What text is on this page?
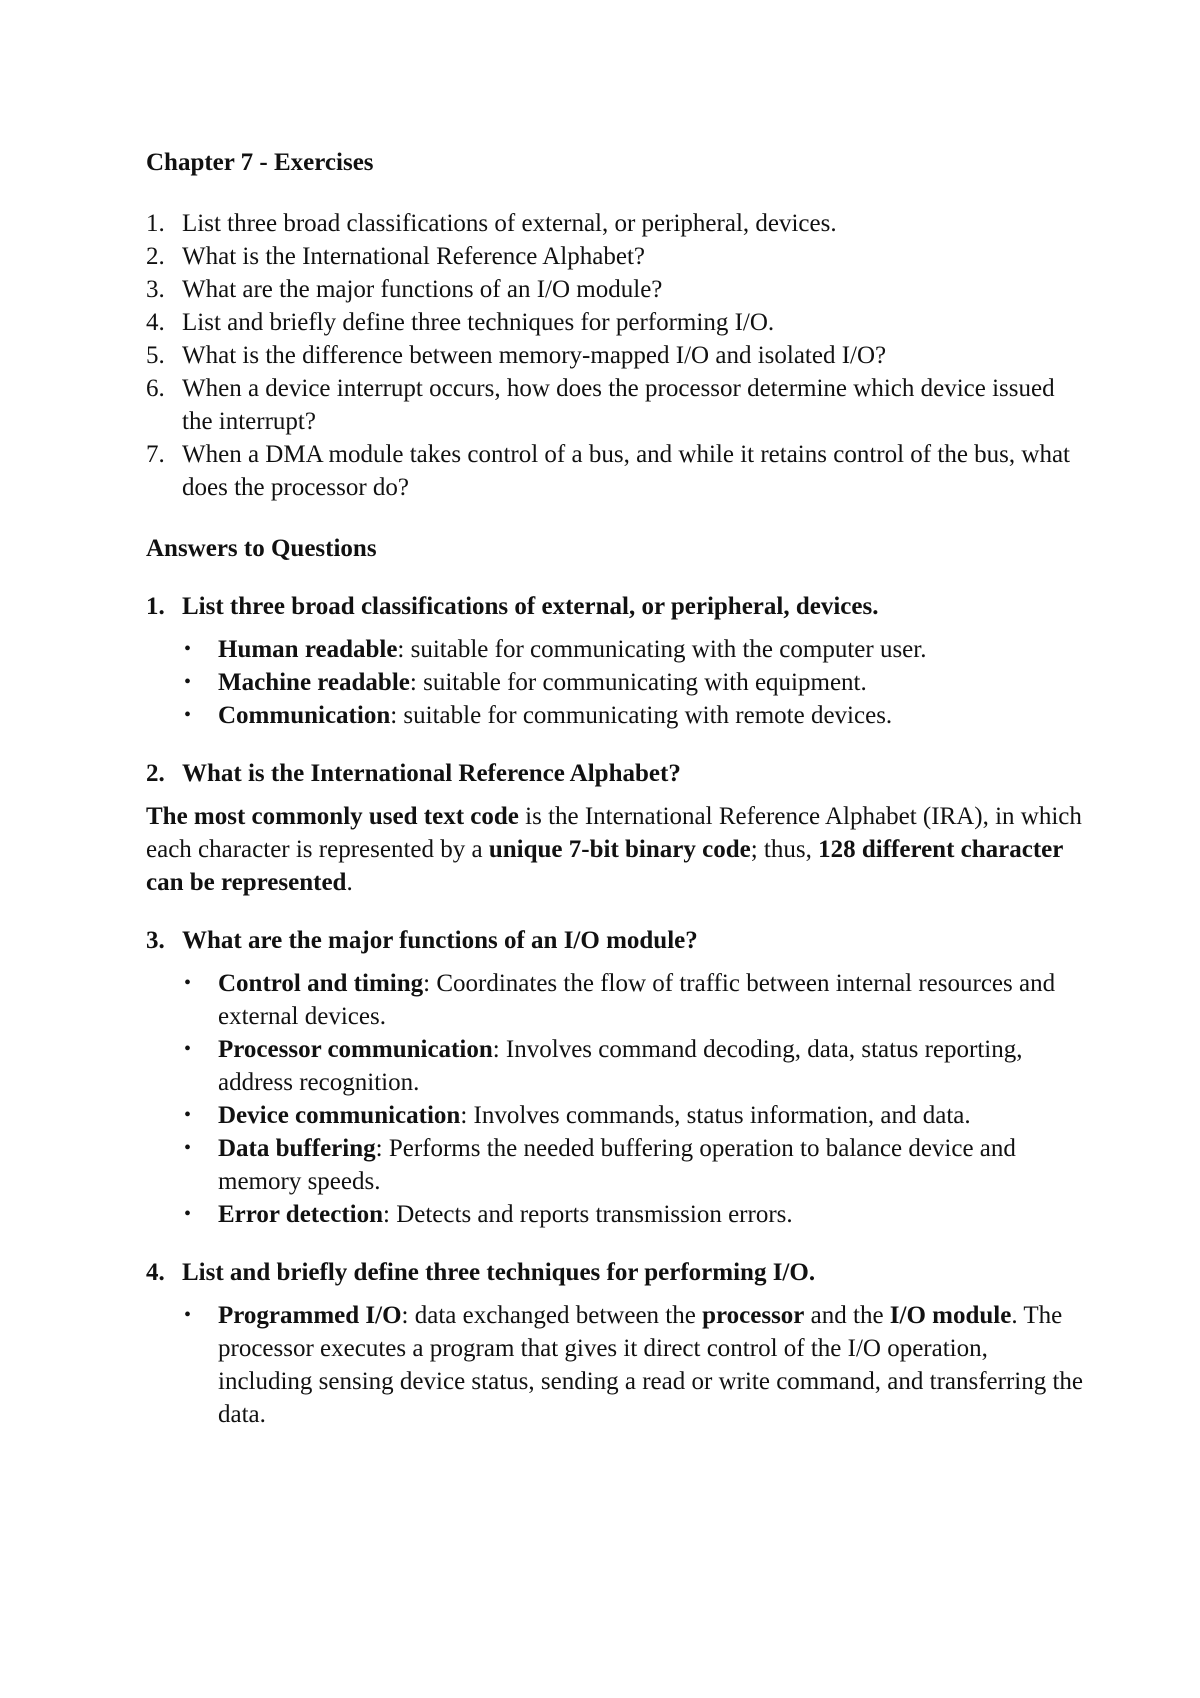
Chapter 7 - Exercises
1. List three broad classifications of external, or peripheral, devices.
2. What is the International Reference Alphabet?
3. What are the major functions of an I/O module?
4. List and briefly define three techniques for performing I/O.
5. What is the difference between memory-mapped I/O and isolated I/O?
6. When a device interrupt occurs, how does the processor determine which device issued the interrupt?
7. When a DMA module takes control of a bus, and while it retains control of the bus, what does the processor do?
Answers to Questions
1. List three broad classifications of external, or peripheral, devices.
• Human readable: suitable for communicating with the computer user.
• Machine readable: suitable for communicating with equipment.
• Communication: suitable for communicating with remote devices.
2. What is the International Reference Alphabet?

The most commonly used text code is the International Reference Alphabet (IRA), in which each character is represented by a unique 7-bit binary code; thus, 128 different character can be represented.

3. What are the major functions of an I/O module?
• Control and timing: Coordinates the flow of traffic between internal resources and external devices.
• Processor communication: Involves command decoding, data, status reporting, address recognition.
• Device communication: Involves commands, status information, and data.
• Data buffering: Performs the needed buffering operation to balance device and memory speeds.
• Error detection: Detects and reports transmission errors.
4. List and briefly define three techniques for performing I/O.
• Programmed I/O: data exchanged between the processor and the I/O module. The processor executes a program that gives it direct control of the I/O operation, including sensing device status, sending a read or write command, and transferring the data.
